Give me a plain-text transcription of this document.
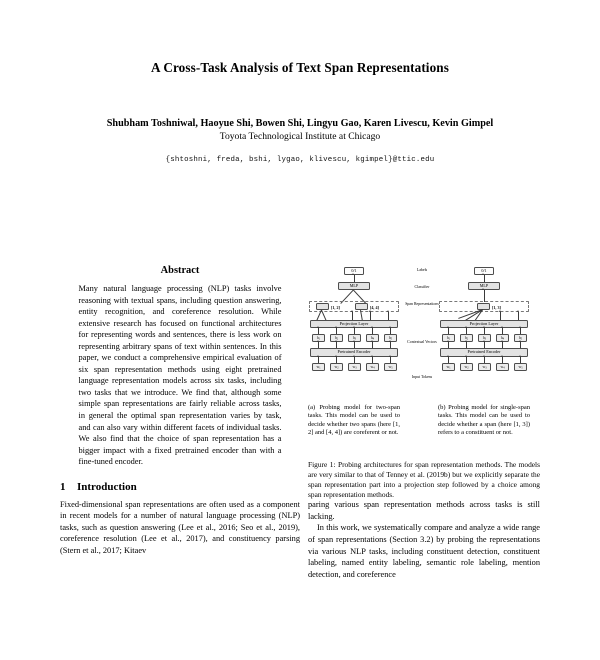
A Cross-Task Analysis of Text Span Representations
Shubham Toshniwal, Haoyue Shi, Bowen Shi, Lingyu Gao, Karen Livescu, Kevin Gimpel
Toyota Technological Institute at Chicago
{shtoshni, freda, bshi, lygao, klivescu, kgimpel}@ttic.edu
Abstract

Many natural language processing (NLP) tasks involve reasoning with textual spans, including question answering, entity recognition, and coreference resolution. While extensive research has focused on functional architectures for representing words and sentences, there is less work on representing arbitrary spans of text within sentences. In this paper, we conduct a comprehensive empirical evaluation of six span representation methods using eight pretrained language representation models across six tasks, including two tasks that we introduce. We find that, although some simple span representations are fairly reliable across tasks, in general the optimal span representation varies by task, and can also vary within different facets of individual tasks. We also find that the choice of span representation has a bigger impact with a fixed pretrained encoder than with a fine-tuned encoder.

1 Introduction

Fixed-dimensional span representations are often used as a component in recent models for a number of natural language processing (NLP) tasks, such as question answering (Lee et al., 2016; Seo et al., 2019), coreference resolution (Lee et al., 2017), and constituency parsing (Stern et al., 2017; Kitaev

Labels
Classifier
Span Representations
Contextual Vectors
Input Tokens
0/1
MLP
[1, 2]	[4, 4]
Projection Layer
h1	h2	h3	h4	h5
Pretrained Encoder
w1	w2	w3	w4	w5
0/1
MLP
[1, 3]
Projection Layer
h1	h2	h3	h4	h5
Pretrained Encoder
w1	w2	w3	w4	w5
(a) Probing model for two-span tasks. This model can be used to decide whether two spans (here [1, 2] and [4, 4]) are coreferent or not.
(b) Probing model for single-span tasks. This model can be used to decide whether a span (here [1, 3]) refers to a constituent or not.
Figure 1: Probing architectures for span representation methods. The models are very similar to that of Tenney et al. (2019b) but we explicitly separate the span representation part into a projection step followed by a choice among span representation methods.

paring various span representation methods across tasks is still lacking.

In this work, we systematically compare and analyze a wide range of span representations (Section 3.2) by probing the representations via various NLP tasks, including constituent detection, constituent labeling, named entity labeling, semantic role labeling, mention detection, and coreference
